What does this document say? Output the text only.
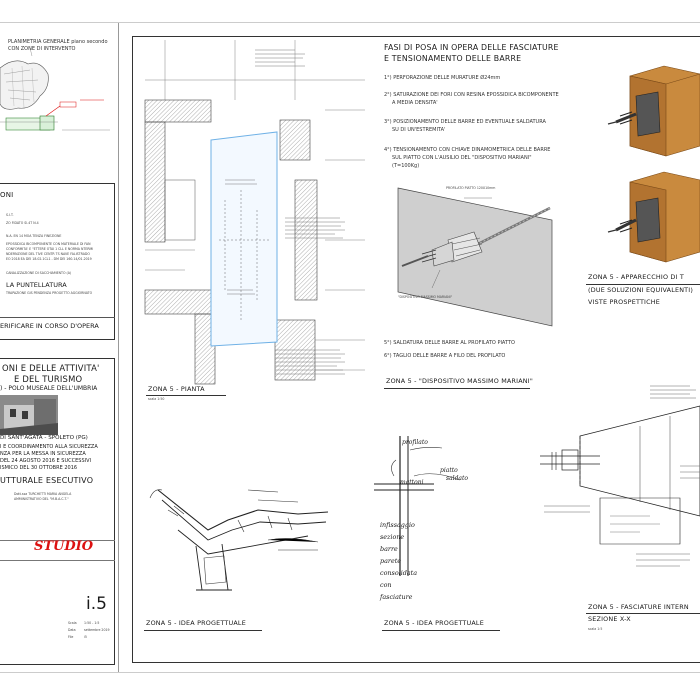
PLANIMETRIA GENERALE piano secondo
CON ZONE DI INTERVENTO
ONI
S.I.T.
ZO FIDATO Sl.4T N.4
N.A. EN 14 MOA TENZA FINEZIONE
EPOSSIDICA BICOMPONENTE CON MATERIALE DI FAN
CONFORMITA' E "ETTERE OTAI 1 CLL E NORMA NTERMI
NDERNZIONE DEL TIVE CENTR TS NAVE FALISTRADO
EO 2018 EA DEI 18.02.1CL1 - DM DEI 160.14/01.2019
CANALIZZAZIONE DI SACCHIAMENTO (A)
LA PUNTELLATURA
TRAPAZIONE GIS PENDENZA PROGETTO AGGIORNATO
ERIFICARE IN CORSO D'OPERA
ONI E DELLE ATTIVITA'
E DEL TURISMO
) - POLO MUSEALE DELL'UMBRIA
DI SANT'AGATA - SPOLETO (PG)
I E COORDINAMENTO ALLA SICUREZZA
NZA PER LA MESSA IN SICUREZZA
DEL 24 AGOSTO 2016 E SUCCESSIVI
ISMICO DEL 30 OTTOBRE 2016
UTTURALE ESECUTIVO
Dott.ssa TURCHETTI MARIA ANGELA
AMMINISTRATIVO DEL "M.B.A.C.T."
STUDIO
i.5
Scala 1:50 - 1:5
Data	settembre 2019
File	i5
ZONA 5 - PIANTA
scala 1:50
FASI DI POSA IN OPERA DELLE FASCIATURE
E TENSIONAMENTO DELLE BARRE
1°) PERFORAZIONE DELLE MURATURE Ø24mm
2°) SATURAZIONE DEI FORI CON RESINA EPOSSIDICA BICOMPONENTE
A MEDIA DENSITA'
3°) POSIZIONAMENTO DELLE BARRE ED EVENTUALE SALDATURA
SU DI UN'ESTREMITA'
4°) TENSIONAMENTO CON CHIAVE DINAMOMETRICA DELLE BARRE
SUL PIATTO CON L'AUSILIO DEL "DISPOSITIVO MARIANI"
(T=100Kg)
PROFILATO PIATTO 120X10mm
"DISPOSITIVO MASSIMO MARIANI"
5°) SALDATURA DELLE BARRE AL PROFILATO PIATTO
6°) TAGLIO DELLE BARRE A FILO DEL PROFILATO
ZONA 5 - "DISPOSITIVO MASSIMO MARIANI"
ZONA 5 - APPARECCHIO DI T
(DUE SOLUZIONI EQUIVALENTI)
VISTE PROSPETTICHE
ZONA 5 - IDEA PROGETTUALE
profilato
piatto
saldato
mattoni
infissaggio
sezione
barre
parete
consolidata
con
fasciature
ZONA 5 - IDEA PROGETTUALE
ZONA 5 - FASCIATURE INTERN
SEZIONE X-X
scala 1:5
